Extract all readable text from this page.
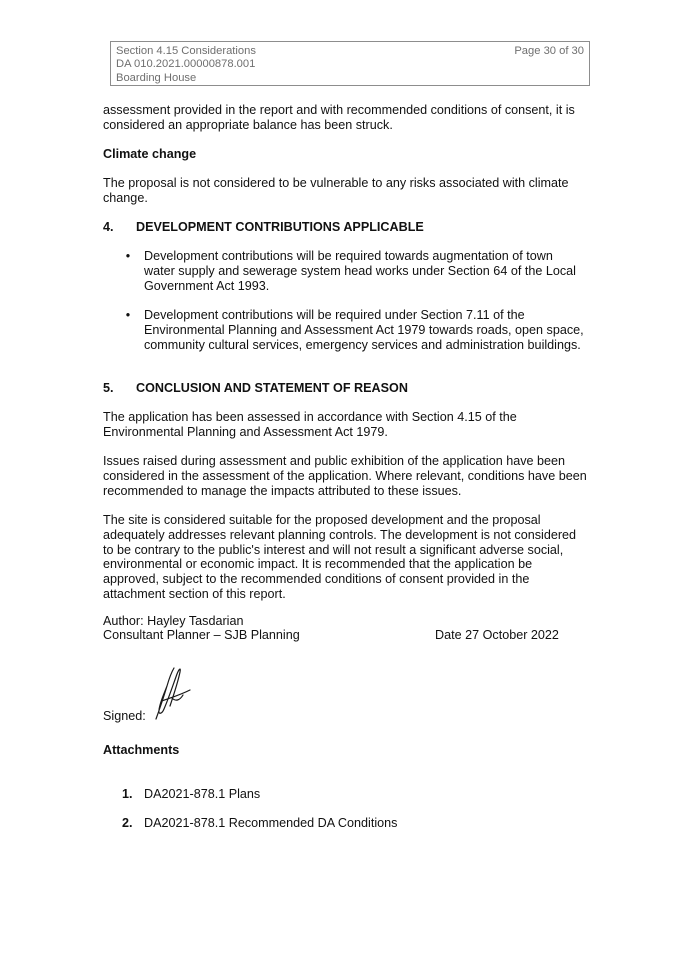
Section 4.15 Considerations
DA 010.2021.00000878.001
Boarding House
Page 30 of 30

assessment provided in the report and with recommended conditions of consent, it is considered an appropriate balance has been struck.

Climate change

The proposal is not considered to be vulnerable to any risks associated with climate change.

4. DEVELOPMENT CONTRIBUTIONS APPLICABLE
• Development contributions will be required towards augmentation of town water supply and sewerage system head works under Section 64 of the Local Government Act 1993.
• Development contributions will be required under Section 7.11 of the Environmental Planning and Assessment Act 1979 towards roads, open space, community cultural services, emergency services and administration buildings.
5. CONCLUSION AND STATEMENT OF REASON

The application has been assessed in accordance with Section 4.15 of the Environmental Planning and Assessment Act 1979.

Issues raised during assessment and public exhibition of the application have been considered in the assessment of the application. Where relevant, conditions have been recommended to manage the impacts attributed to these issues.

The site is considered suitable for the proposed development and the proposal adequately addresses relevant planning controls. The development is not considered to be contrary to the public's interest and will not result a significant adverse social, environmental or economic impact. It is recommended that the application be approved, subject to the recommended conditions of consent provided in the attachment section of this report.

Author: Hayley Tasdarian
Consultant Planner – SJB Planning	Date 27 October 2022
Signed:

Attachments

1. DA2021-878.1 Plans
2. DA2021-878.1 Recommended DA Conditions
